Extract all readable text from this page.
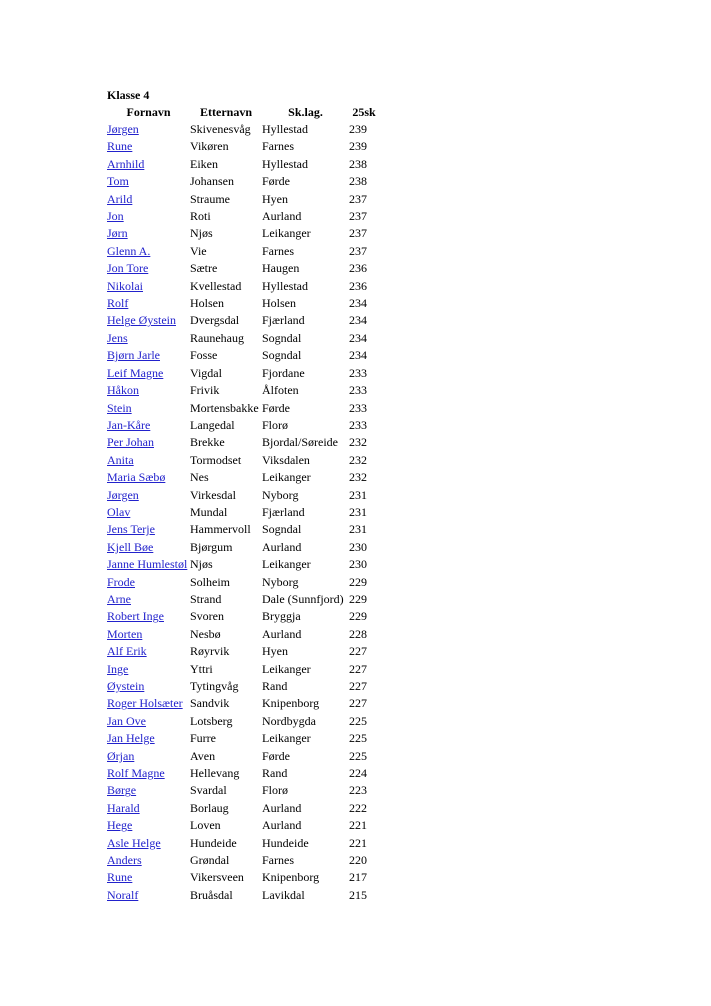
Klasse 4
Fornavn	Etternavn	Sk.lag.	25sk
Jørgen	Skivenesvåg	Hyllestad	239
Rune	Vikøren	Farnes	239
Arnhild	Eiken	Hyllestad	238
Tom	Johansen	Førde	238
Arild	Straume	Hyen	237
Jon	Roti	Aurland	237
Jørn	Njøs	Leikanger	237
Glenn A.	Vie	Farnes	237
Jon Tore	Sætre	Haugen	236
Nikolai	Kvellestad	Hyllestad	236
Rolf	Holsen	Holsen	234
Helge Øystein	Dvergsdal	Fjærland	234
Jens	Raunehaug	Sogndal	234
Bjørn Jarle	Fosse	Sogndal	234
Leif Magne	Vigdal	Fjordane	233
Håkon	Frivik	Ålfoten	233
Stein	Mortensbakke	Førde	233
Jan-Kåre	Langedal	Florø	233
Per Johan	Brekke	Bjordal/Søreide	232
Anita	Tormodset	Viksdalen	232
Maria Sæbø	Nes	Leikanger	232
Jørgen	Virkesdal	Nyborg	231
Olav	Mundal	Fjærland	231
Jens Terje	Hammervoll	Sogndal	231
Kjell Bøe	Bjørgum	Aurland	230
Janne Humlestøl	Njøs	Leikanger	230
Frode	Solheim	Nyborg	229
Arne	Strand	Dale (Sunnfjord)	229
Robert Inge	Svoren	Bryggja	229
Morten	Nesbø	Aurland	228
Alf Erik	Røyrvik	Hyen	227
Inge	Yttri	Leikanger	227
Øystein	Tytingvåg	Rand	227
Roger Holsæter	Sandvik	Knipenborg	227
Jan Ove	Lotsberg	Nordbygda	225
Jan Helge	Furre	Leikanger	225
Ørjan	Aven	Førde	225
Rolf Magne	Hellevang	Rand	224
Børge	Svardal	Florø	223
Harald	Borlaug	Aurland	222
Hege	Loven	Aurland	221
Asle Helge	Hundeide	Hundeide	221
Anders	Grøndal	Farnes	220
Rune	Vikersveen	Knipenborg	217
Noralf	Bruåsdal	Lavikdal	215
